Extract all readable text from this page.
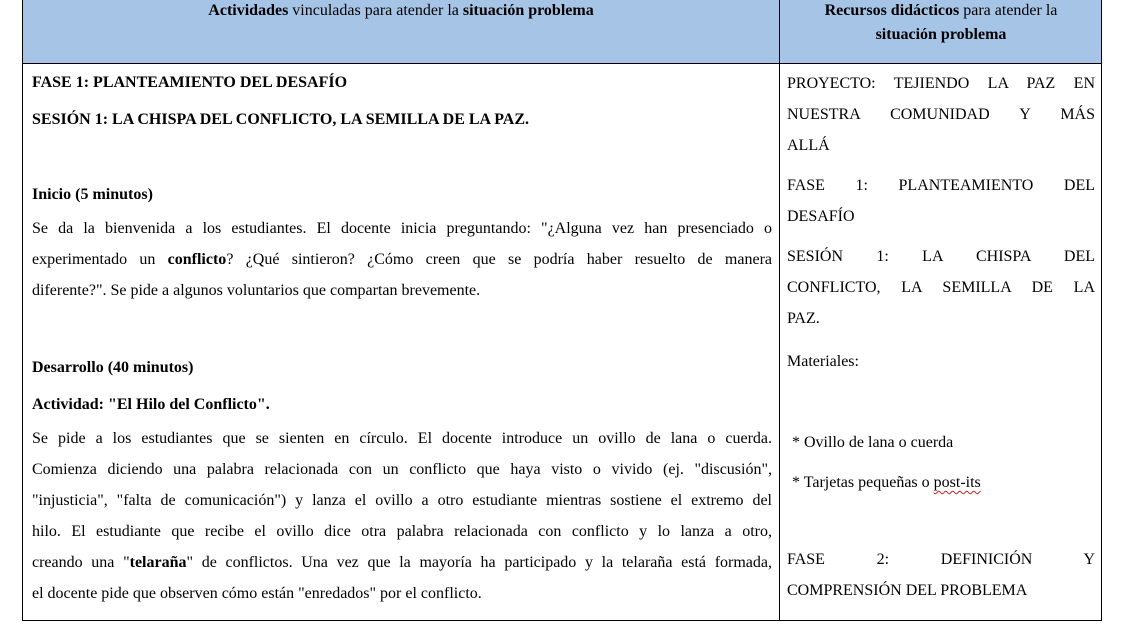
Actividades vinculadas para atender la situación problema	Recursos didácticos para atender la
situación problema
FASE 1: PLANTEAMIENTO DEL DESAFÍO
SESIÓN 1: LA CHISPA DEL CONFLICTO, LA SEMILLA DE LA PAZ.
Inicio (5 minutos)
Se da la bienvenida a los estudiantes. El docente inicia preguntando: "¿Alguna vez han presenciado o
experimentado un conflicto? ¿Qué sintieron? ¿Cómo creen que se podría haber resuelto de manera
diferente?". Se pide a algunos voluntarios que compartan brevemente.
Desarrollo (40 minutos)
Actividad: "El Hilo del Conflicto".
Se pide a los estudiantes que se sienten en círculo. El docente introduce un ovillo de lana o cuerda.
Comienza diciendo una palabra relacionada con un conflicto que haya visto o vivido (ej. "discusión",
"injusticia", "falta de comunicación") y lanza el ovillo a otro estudiante mientras sostiene el extremo del
hilo. El estudiante que recibe el ovillo dice otra palabra relacionada con conflicto y lo lanza a otro,
creando una "telaraña" de conflictos. Una vez que la mayoría ha participado y la telaraña está formada,
el docente pide que observen cómo están "enredados" por el conflicto.
PROYECTO: TEJIENDO LA PAZ EN
NUESTRA COMUNIDAD Y MÁS
ALLÁ
FASE 1: PLANTEAMIENTO DEL
DESAFÍO
SESIÓN 1: LA CHISPA DEL
CONFLICTO, LA SEMILLA DE LA
PAZ.
Materiales:
* Ovillo de lana o cuerda
* Tarjetas pequeñas o post-its
FASE 2: DEFINICIÓN Y
COMPRENSIÓN DEL PROBLEMA
